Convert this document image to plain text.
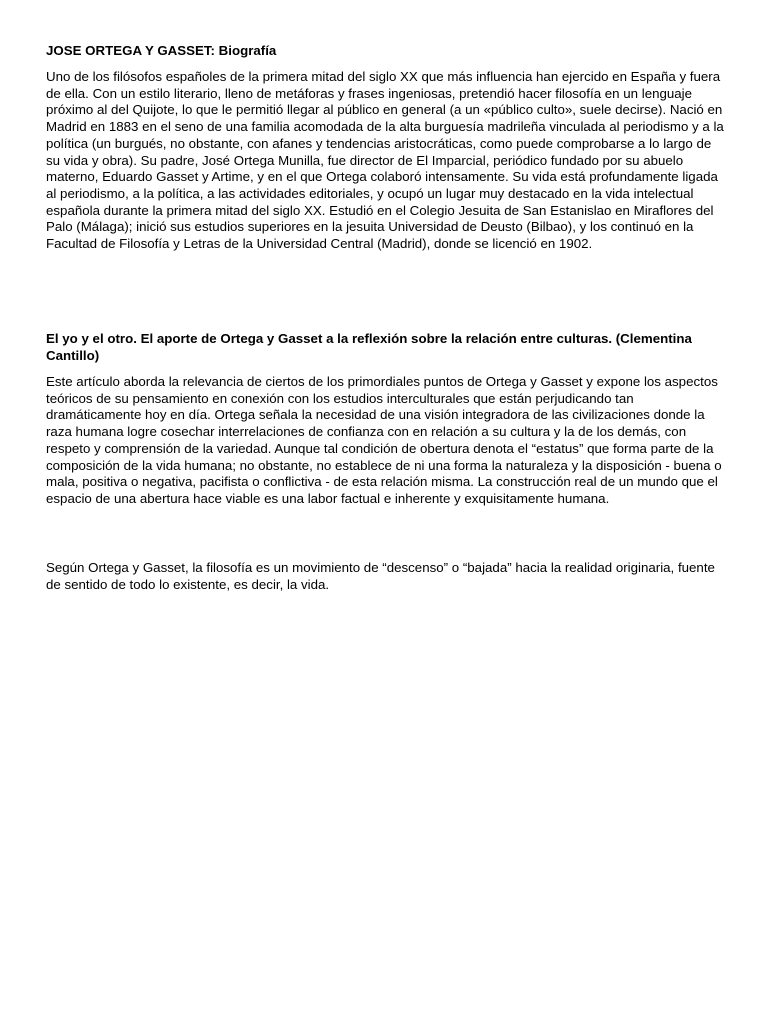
JOSE ORTEGA Y GASSET: Biografía

Uno de los filósofos españoles de la primera mitad del siglo XX que más influencia han ejercido en España y fuera de ella. Con un estilo literario, lleno de metáforas y frases ingeniosas, pretendió hacer filosofía en un lenguaje próximo al del Quijote, lo que le permitió llegar al público en general (a un «público culto», suele decirse). Nació en Madrid en 1883 en el seno de una familia acomodada de la alta burguesía madrileña vinculada al periodismo y a la política (un burgués, no obstante, con afanes y tendencias aristocráticas, como puede comprobarse a lo largo de su vida y obra). Su padre, José Ortega Munilla, fue director de El Imparcial, periódico fundado por su abuelo materno, Eduardo Gasset y Artime, y en el que Ortega colaboró intensamente. Su vida está profundamente ligada al periodismo, a la política, a las actividades editoriales, y ocupó un lugar muy destacado en la vida intelectual española durante la primera mitad del siglo XX. Estudió en el Colegio Jesuita de San Estanislao en Miraflores del Palo (Málaga); inició sus estudios superiores en la jesuita Universidad de Deusto (Bilbao), y los continuó en la Facultad de Filosofía y Letras de la Universidad Central (Madrid), donde se licenció en 1902.

El yo y el otro. El aporte de Ortega y Gasset a la reflexión sobre la relación entre culturas. (Clementina Cantillo)

Este artículo aborda la relevancia de ciertos de los primordiales puntos de Ortega y Gasset y expone los aspectos teóricos de su pensamiento en conexión con los estudios interculturales que están perjudicando tan dramáticamente hoy en día. Ortega señala la necesidad de una visión integradora de las civilizaciones donde la raza humana logre cosechar interrelaciones de confianza con en relación a su cultura y la de los demás, con respeto y comprensión de la variedad. Aunque tal condición de obertura denota el “estatus” que forma parte de la composición de la vida humana; no obstante, no establece de ni una forma la naturaleza y la disposición - buena o mala, positiva o negativa, pacifista o conflictiva - de esta relación misma. La construcción real de un mundo que el espacio de una abertura hace viable es una labor factual e inherente y exquisitamente humana.

Según Ortega y Gasset, la filosofía es un movimiento de “descenso” o “bajada” hacia la realidad originaria, fuente de sentido de todo lo existente, es decir, la vida.
